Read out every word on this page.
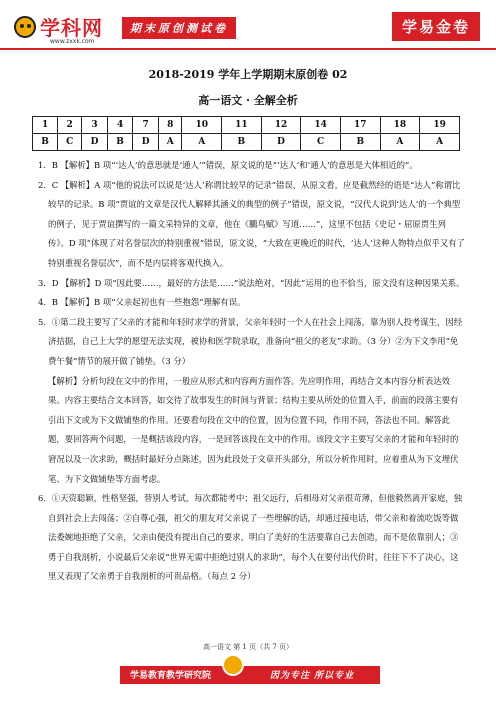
学科网
www.zxxk.com
期末原创测试卷	学易金卷
2018-2019 学年上学期期末原创卷 02
高一语文 · 全解全析
1	2	3	4	7	8	10	11	12	14	17	18	19
B	C	D	B	D	A	A	B	D	C	B	A	A

1．B 【解析】B 项“‘达人’的意思就是‘通人’”错误，原文说的是“‘达人’和‘通人’的意思是大体相近的”。

2．C 【解析】A 项“他的说法可以说是‘达人’称谓比较早的记录”错误，从原文看，应是截然经的语是“达人”称谓比较早的记录。B 项“贾谊的文章是汉代人解释其涵义的典型的例子”错误，原文说，“汉代人说到‘达人’的一个典型的例子，见于贾谊撰写的一篇文采特异的文章，他在《鵩鸟赋》写道……”，这里不包括《史记・屈原贾生列传》。D 项“体现了对名誉层次的特别重视”错误，原文说，“大致在更晚近的时代，‘达人’这种人物特点似乎又有了特别重视名誉层次”，而不是内层将客观代换入。

3．D 【解析】D 项“因此要……，最好的方法是……”说法绝对，“因此”运用的也不恰当，原文没有这种因果关系。

4．B 【解析】B 项“父亲起初也有一些抱怨”理解有误。

5．①第二段主要写了父亲的才能和年轻时求学的背景，父亲年轻时一个人在社会上闯荡，靠为别人投考谋生，因经济拮据，自己上大学的愿望无法实现，被协和医学院录取，准备向“祖父的老友”求助。（3 分）②为下文李用“免费午餐”情节的展开做了铺垫。（3 分）

【解析】分析句段在文中的作用，一般应从形式和内容两方面作答。先应明作用，再结合文本内容分析表达效果。内容主要结合文本回答，如交待了故事发生的时间与背景；结构主要从所处的位置入手，前面的段落主要有引出下文或为下文做铺垫的作用。还要看句段在文中的位置，因为位置不同，作用不同，答法也不同。解答此题，要回答两个问题，一是概括该段内容，一是回答该段在文中的作用。该段文字主要写父亲的才能和年轻时的窘况以及一次求助，概括时最好分点陈述，因为此段处于文章开头部分，所以分析作用时，应着重从为下文埋伏笔、为下文做铺垫等方面考虑。

6．①天资聪颖，性格坚强，替别人考试，每次都能考中；祖父远行，后相母对父亲很苛薄，但他毅然离开家庭，独自到社会上去闯荡；②自尊心强，祖父的朋友对父亲说了一些埋解的话，却通过接电话，带父亲和着流吃饭等做法委婉地拒绝了父亲，父亲由便没有提出自己的要求，明白了美好的生活要靠自己去创造，而不是依靠别人；③勇于自我剖析，小说最后父亲说“世界无需中拒绝过别人的求助”，每个人在要付出代价时，往往下不了决心，这里又表现了父亲勇于自我剖析的可贵品格。（每点 2 分）

高一语文 第 1 页（共 7 页）
学易教育教学研究院	因为专注 所以专业
